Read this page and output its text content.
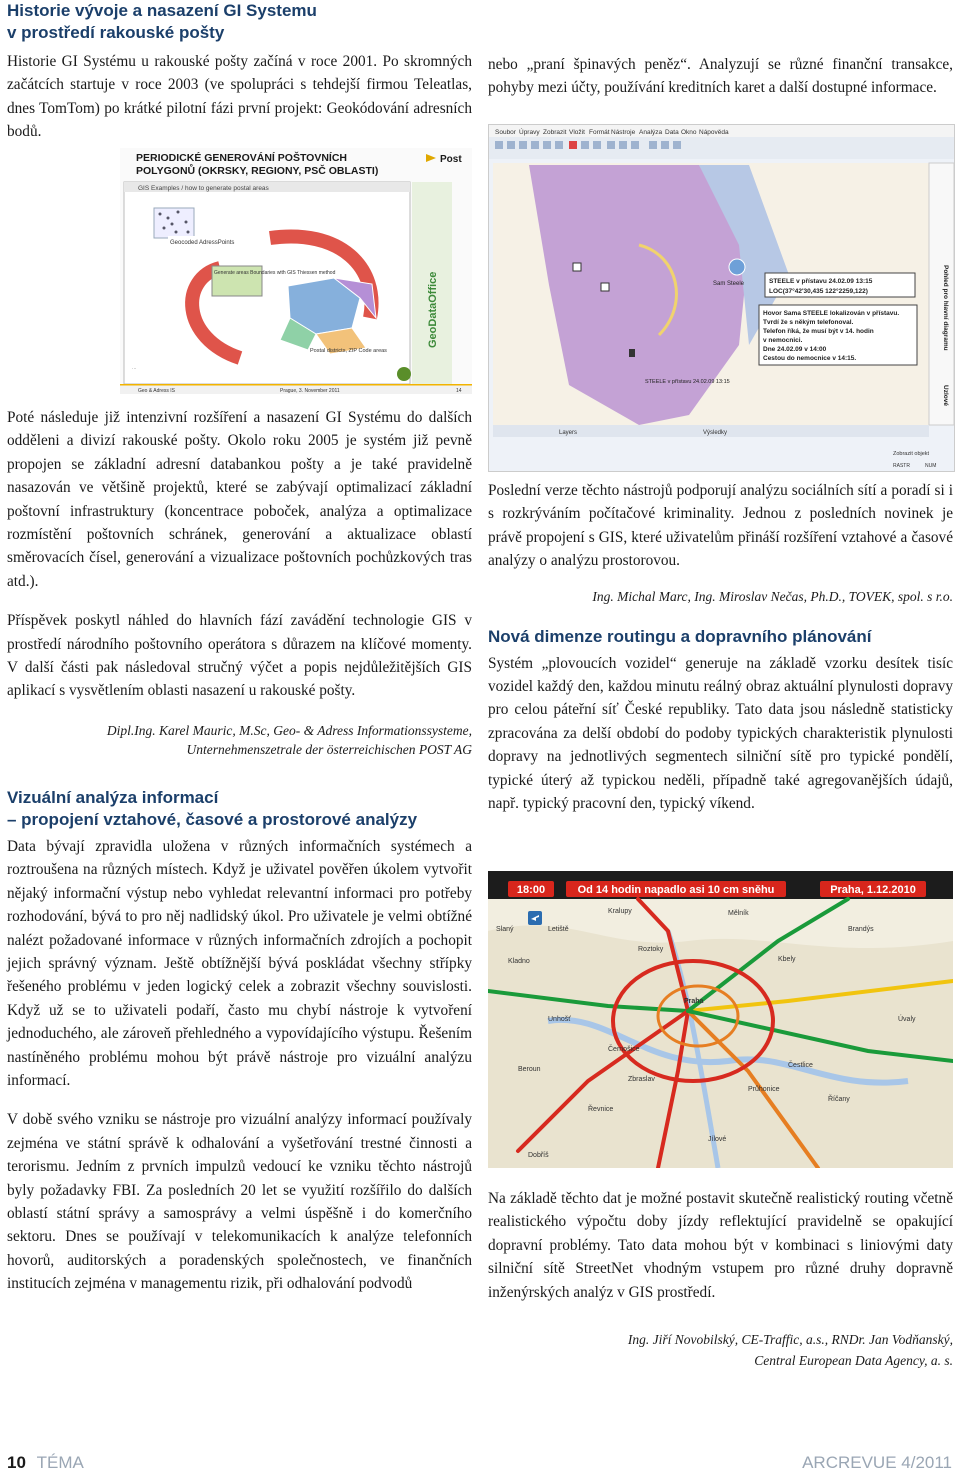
Historie vývoje a nasazení GI Systemu
v prostředí rakouské pošty

Historie GI Systému u rakouské pošty začíná v roce 2001. Po skromných začátcích startuje v roce 2003 (ve spolupráci s tehdejší firmou Teleatlas, dnes TomTom) po krátké pilotní fázi první projekt: Geokódování adresních bodů.

PERIODICKÉ GENEROVÁNÍ POŠTOVNÍCH
POLYGONŮ (OKRSKY, REGIONY, PSČ OBLASTI)
Post
GIS Examples / how to generate postal areas
Geocoded AdressPoints
Generate areas Boundaries with GIS Thiessen method
Postal districts, ZIP Code areas
···
GeoDataOffice
Geo & Adress IS	Prague, 3. November 2011	14

Poté následuje již intenzivní rozšíření a nasazení GI Systému do dalších odděleni a divizí rakouské pošty. Okolo roku 2005 je systém již pevně propojen se základní adresní databankou pošty a je také pravidelně nasazován ve většině projektů, které se zabývají optimalizací základní poštovní infrastruktury (koncentrace poboček, analýza a optimalizace rozmístění poštovních schránek, generování a aktualizace oblastí směrovacích čísel, generování a vizualizace poštovních pochůzkových tras atd.).

Příspěvek poskytl náhled do hlavních fází zavádění technologie GIS v prostředí národního poštovního operátora s důrazem na klíčové momenty. V další části pak následoval stručný výčet a popis nejdůležitějších GIS aplikací s vysvětlením oblasti nasazení u rakouské pošty.

Dipl.Ing. Karel Mauric, M.Sc, Geo- & Adress Informationssysteme,

Unternehmenszetrale der österreichischen POST AG

Vizuální analýza informací
– propojení vztahové, časové a prostorové analýzy

Data bývají zpravidla uložena v různých informačních systémech a roztroušena na různých místech. Když je uživatel pověřen úkolem vytvořit nějaký informační výstup nebo vyhledat relevantní informaci pro potřeby rozhodování, bývá to pro něj nadlidský úkol. Pro uživatele je velmi obtížné nalézt požadované informace v různých informačních zdrojích a pochopit jejich správný význam. Ještě obtížnější bývá poskládat všechny střípky řešeného problému v jeden logický celek a zobrazit všechny souvislosti. Když už se to uživateli podaří, často mu chybí nástroje k vytvoření jednoduchého, ale zároveň přehledného a vypovídajícího výstupu. Řešením nastíněného problému mohou být právě nástroje pro vizuální analýzu informací.

V době svého vzniku se nástroje pro vizuální analýzy informací používaly zejména ve státní správě k odhalování a vyšetřování trestné činnosti a terorismu. Jedním z prvních impulzů vedoucí ke vzniku těchto nástrojů byly požadavky FBI. Za posledních 20 let se využití rozšířilo do dalších oblastí státní správy a samosprávy a velmi úspěšně i do komerčního sektoru. Dnes se používají v telekomunikacích k analýze telefonních hovorů, auditorských a poradenských společnostech, ve finančních institucích zejména v managementu rizik, při odhalování podvodů

nebo „praní špinavých peněz“. Analyzují se různé finanční transakce, pohyby mezi účty, používání kreditních karet a další dostupné informace.

Soubor Úpravy Zobrazit Vložit Formát Nástroje Analýza Data Okno Nápověda
Sam Steele	STEELE v přístavu 24.02.09 13:15
LOC(37°42'30,435 122°2259,122)
Hovor Sama STEELE lokalizován v přístavu.
Tvrdí že s někým telefonoval.
Telefon říká, že musí být v 14. hodin
v nemocnici.
Dne 24.02.09 v 14:00
Cestou do nemocnice v 14:15.
STEELE v přístavu 24.02.09 13:15
Pohled pro hlavní diagramu
Uzlové
Layers	Výsledky
Zobrazit objekt
RASTR	NUM

Poslední verze těchto nástrojů podporují analýzu sociálních sítí a poradí si i s rozkrýváním počítačové kriminality. Jednou z posledních novinek je právě propojení s GIS, které uživatelům přináší rozšíření vztahové a časové analýzy o analýzu prostorovou.

Ing. Michal Marc, Ing. Miroslav Nečas, Ph.D., TOVEK, spol. s r.o.

Nová dimenze routingu a dopravního plánování

Systém „plovoucích vozidel“ generuje na základě vzorku desítek tisíc vozidel každý den, každou minutu reálný obraz aktuální plynulosti dopravy pro celou páteřní síť České republiky. Tato data jsou následně statisticky zpracována za delší období do podoby typických charakteristik plynulosti dopravy na jednotlivých segmentech silniční sítě pro typické pondělí, typické úterý až typickou neděli, případně také agregovanějších údajů, např. typický pracovní den, typický víkend.

18:00	Od 14 hodin napadlo asi 10 cm sněhu	Praha, 1.12.2010
Kralupy
Kladno
Letiště
Praha
Brandýs
Dobříš
Beroun
Zbraslav
Jílové
Říčany
Čestlice
Průhonice
Úvaly
Kbely
Slaný
Mělník
Roztoky
Unhošť
Řevnice
Černošice

Na základě těchto dat je možné postavit skutečně realistický routing včetně realistického výpočtu doby jízdy reflektující pravidelně se opakující dopravní problémy. Tato data mohou být v kombinaci s liniovými daty silniční sítě StreetNet vhodným vstupem pro různé druhy dopravně inženýrských analýz v GIS prostředí.

Ing. Jiří Novobilský, CE-Traffic, a.s., RNDr. Jan Vodňanský,

Central European Data Agency, a. s.

10 TÉMA	ARCREVUE 4/2011
